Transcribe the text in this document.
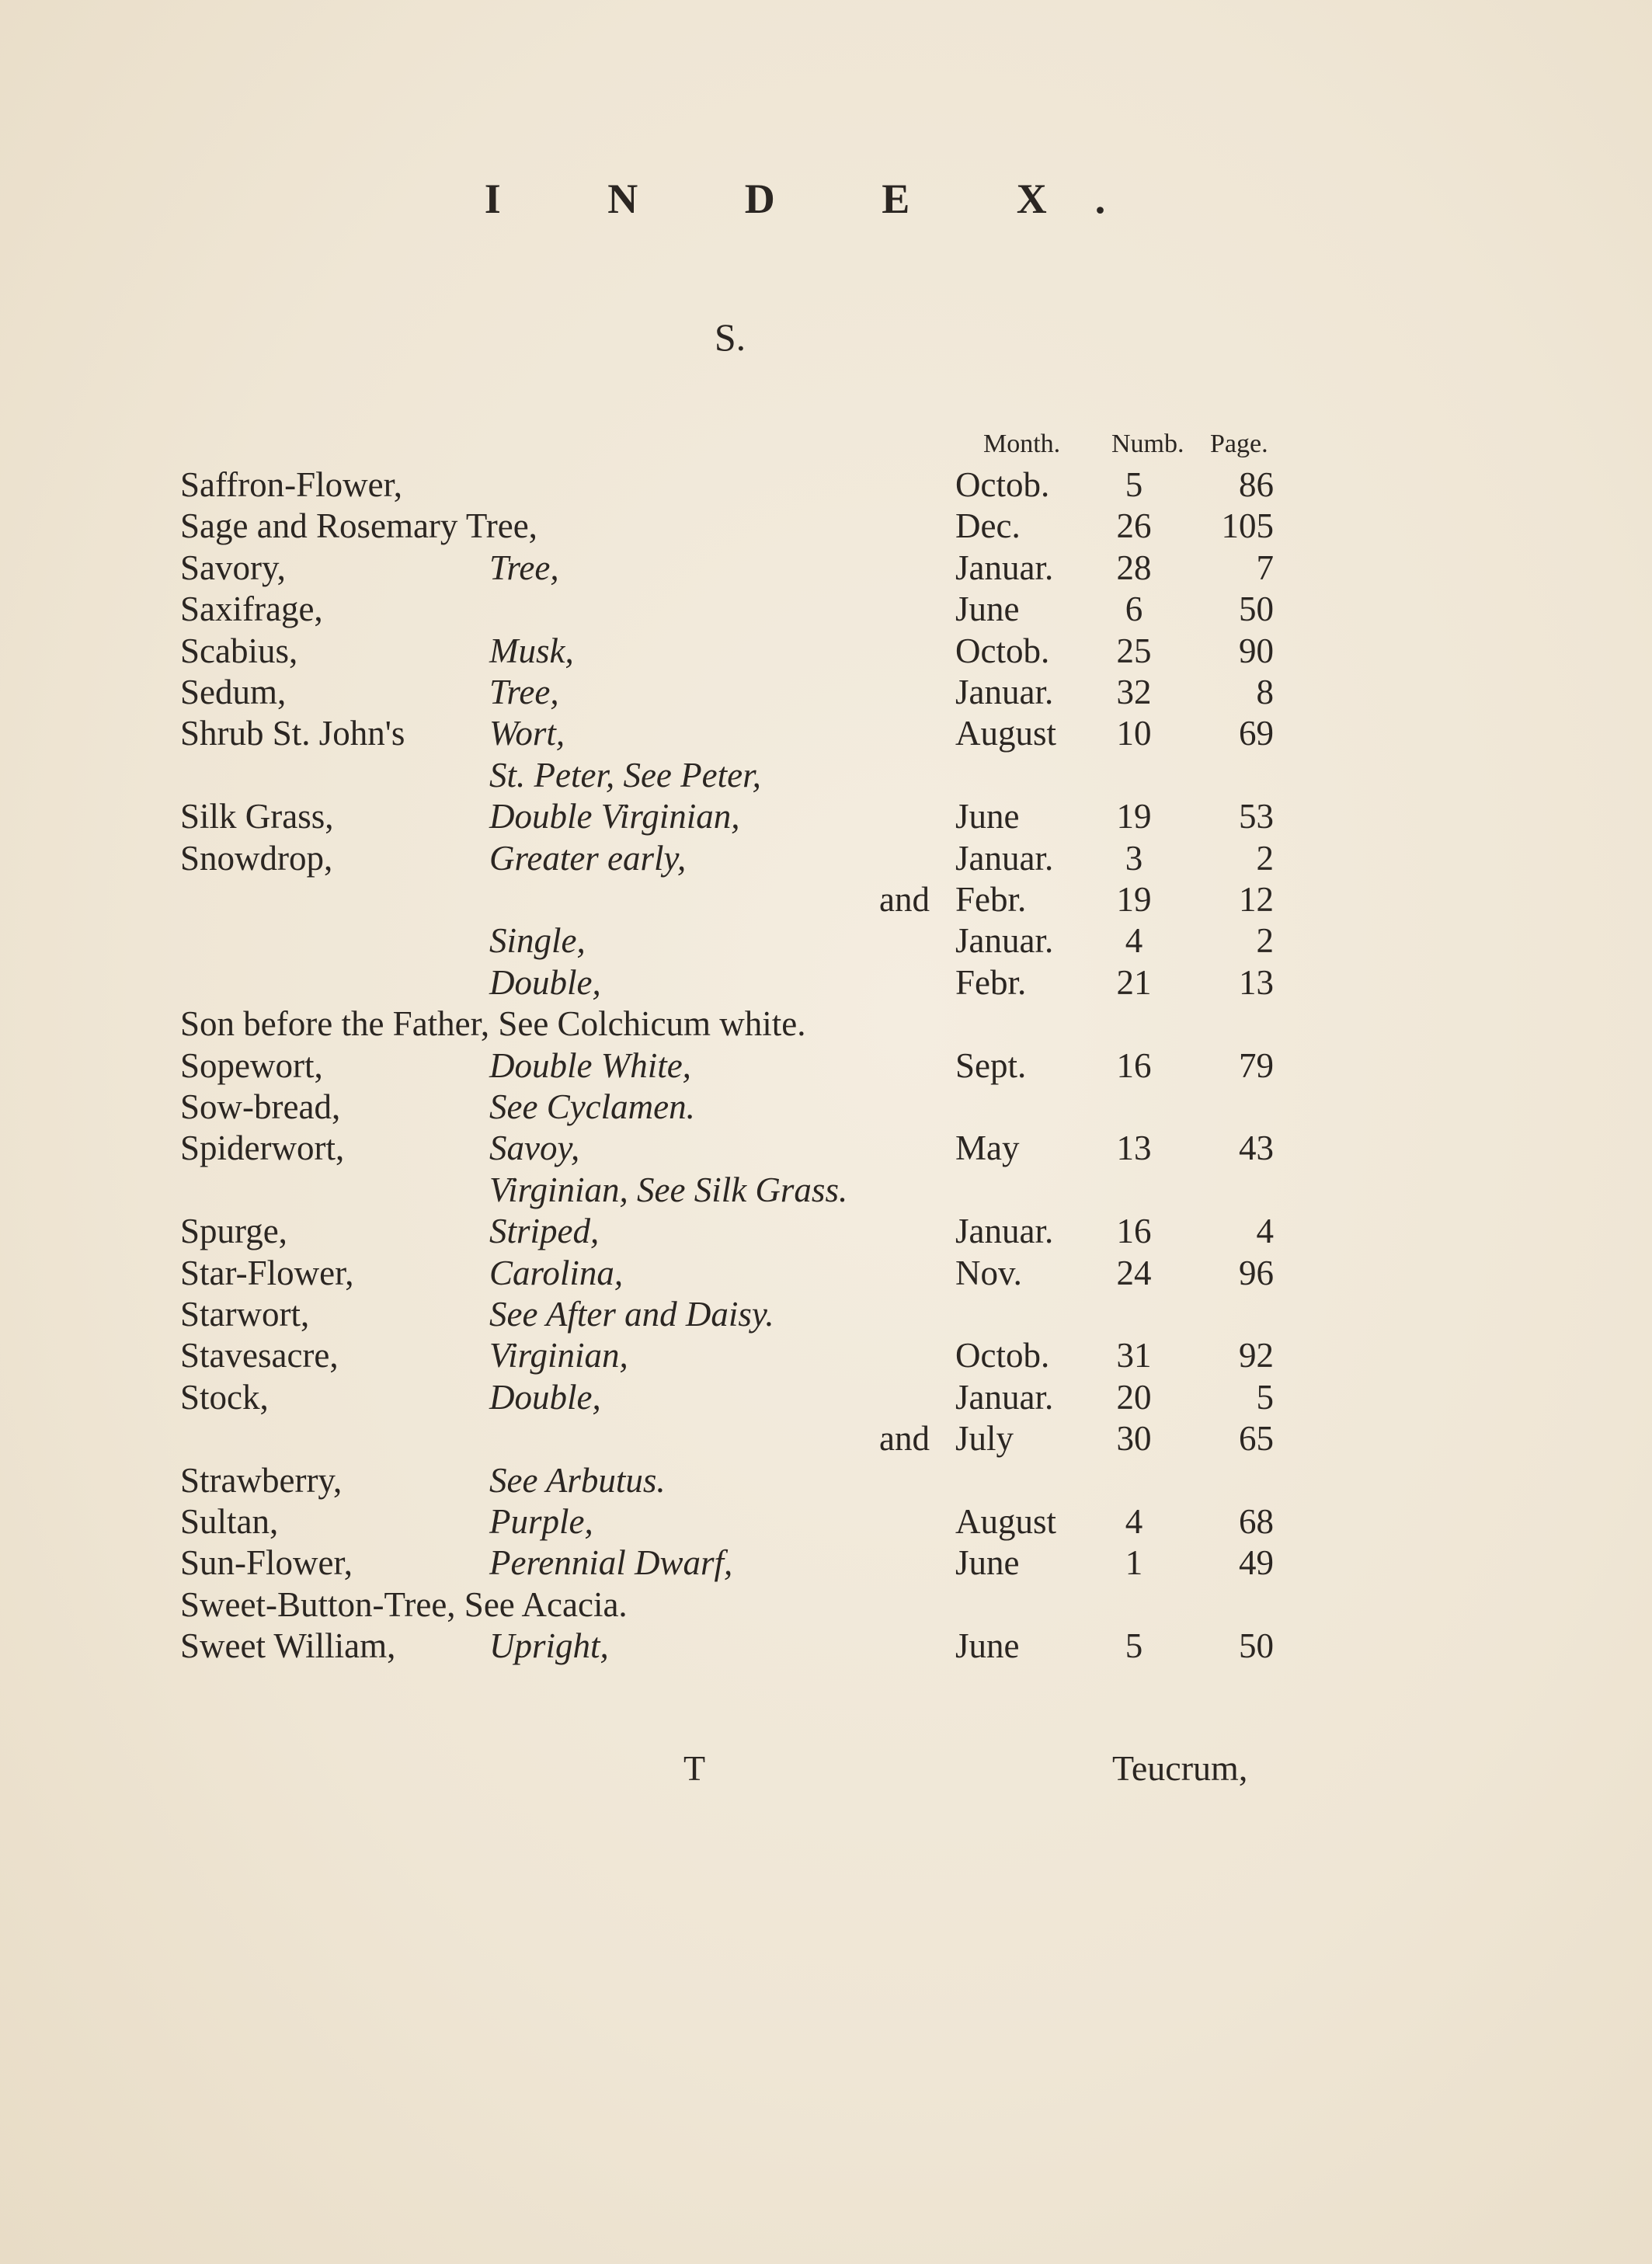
I N D E X.
S.
Month. Numb. Page.
Saffron-Flower,	Octob.	5	86
Sage and Rosemary Tree,	Dec.	26	105
Savory,	Tree,	Januar.	28	7
Saxifrage,	June	6	50
Scabius,	Musk,	Octob.	25	90
Sedum,	Tree,	Januar.	32	8
Shrub St. John's Wort,	August	10	69
St. Peter, See Peter,
Silk Grass,	Double Virginian,	June	19	53
Snowdrop,	Greater early,	Januar.	3	2
and Febr.	19	12
Single,	Januar.	4	2
Double,	Febr.	21	13
Son before the Father, See Colchicum white.
Sopewort,	Double White,	Sept.	16	79
Sow-bread,	See Cyclamen.
Spiderwort,	Savoy,	May	13	43
Virginian, See Silk Grass.
Spurge,	Striped,	Januar.	16	4
Star-Flower,	Carolina,	Nov.	24	96
Starwort,	See After and Daisy.
Stavesacre,	Virginian,	Octob.	31	92
Stock,	Double,	Januar.	20	5
and July	30	65
Strawberry,	See Arbutus.
Sultan,	Purple,	August	4	68
Sun-Flower,	Perennial Dwarf,	June	1	49
Sweet-Button-Tree, See Acacia.
Sweet William,	Upright,	June	5	50
T	Teucrum,
